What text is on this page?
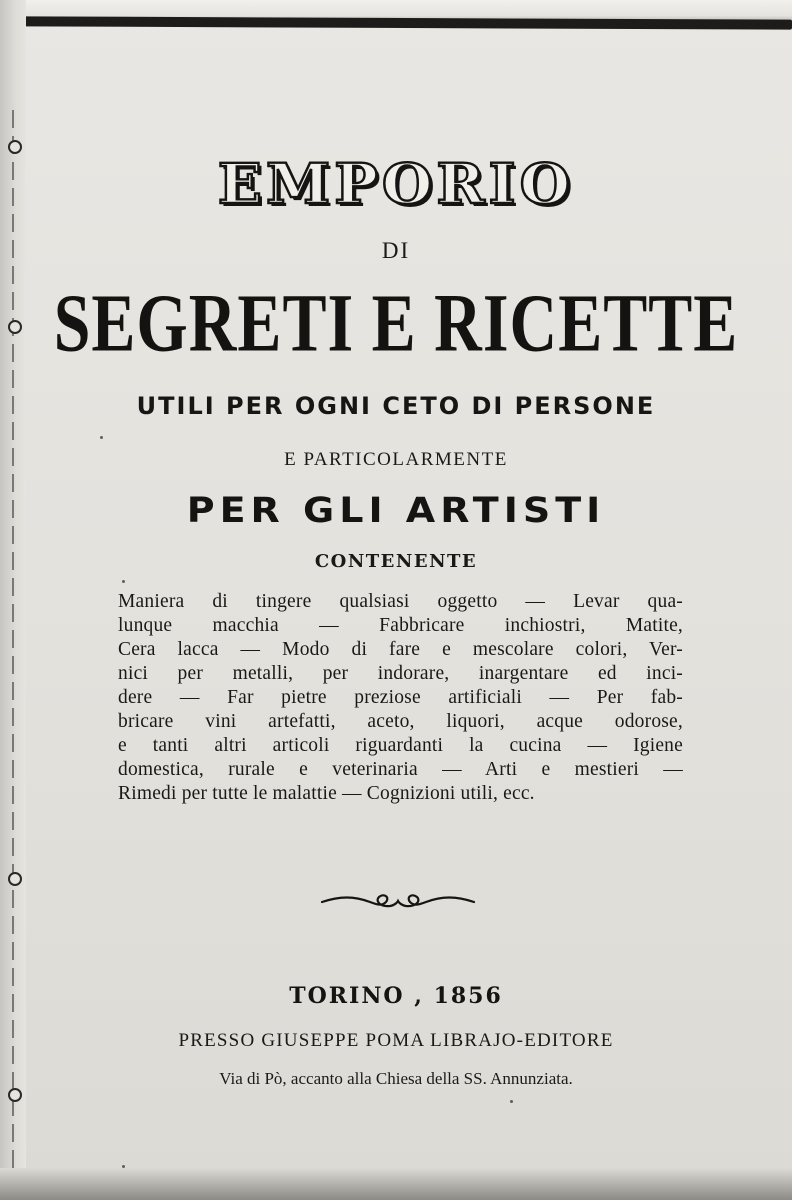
EMPORIO
DI
SEGRETI E RICETTE
UTILI PER OGNI CETO DI PERSONE
E PARTICOLARMENTE
PER GLI ARTISTI
CONTENENTE
Maniera di tingere qualsiasi oggetto — Levar qua-
lunque macchia — Fabbricare inchiostri, Matite,
Cera lacca — Modo di fare e mescolare colori, Ver-
nici per metalli, per indorare, inargentare ed inci-
dere — Far pietre preziose artificiali — Per fab-
bricare vini artefatti, aceto, liquori, acque odorose,
e tanti altri articoli riguardanti la cucina — Igiene
domestica, rurale e veterinaria — Arti e mestieri —
Rimedi per tutte le malattie — Cognizioni utili, ecc.
TORINO , 1856
PRESSO GIUSEPPE POMA LIBRAJO-EDITORE
Via di Pò, accanto alla Chiesa della SS. Annunziata.
